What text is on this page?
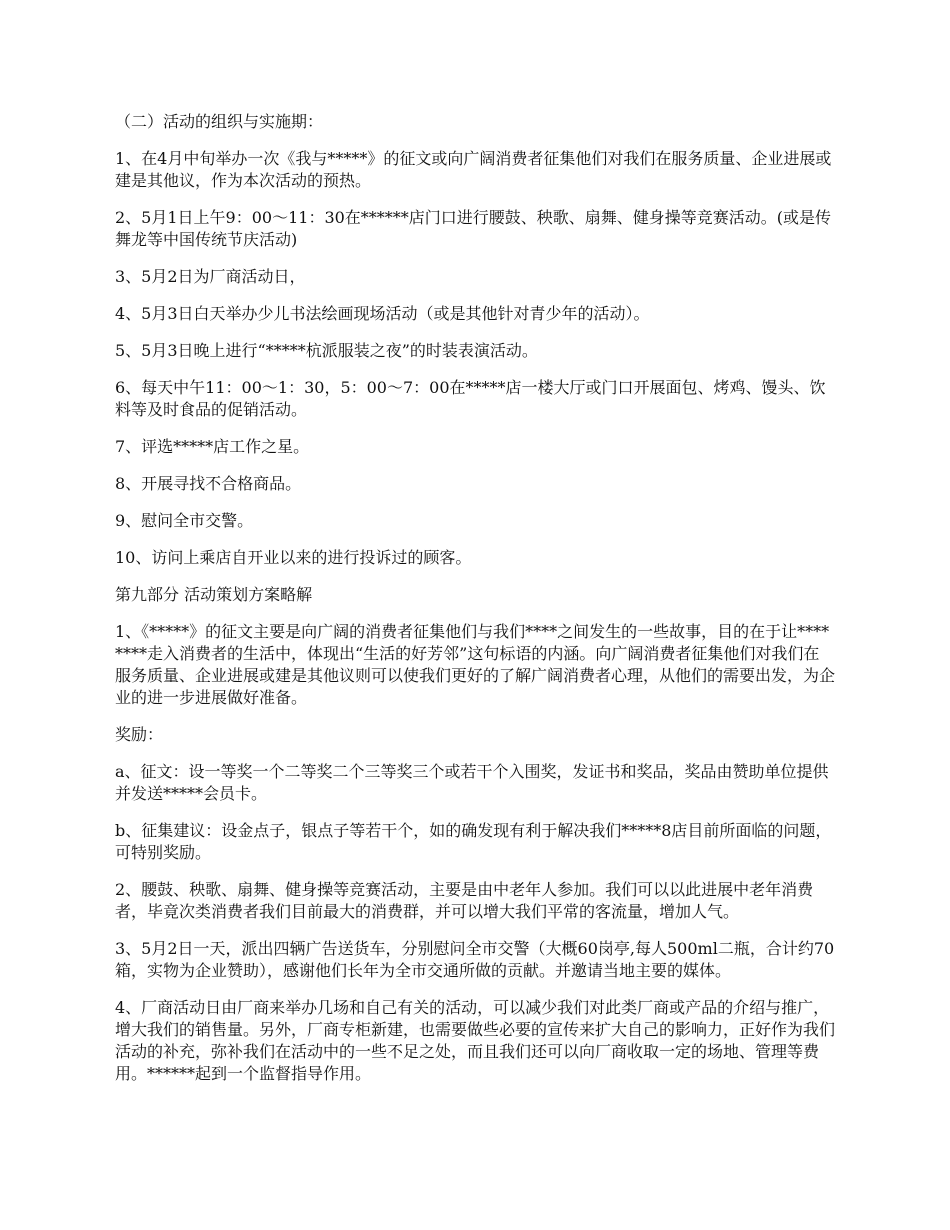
（二）活动的组织与实施期：

1、在4月中旬举办一次《我与*****》的征文或向广阔消费者征集他们对我们在服务质量、企业进展或建是其他议，作为本次活动的预热。

2、5月1日上午9：00～11：30在******店门口进行腰鼓、秧歌、扇舞、健身操等竞赛活动。(或是传舞龙等中国传统节庆活动)

3、5月2日为厂商活动日，

4、5月3日白天举办少儿书法绘画现场活动（或是其他针对青少年的活动）。

5、5月3日晚上进行“*****杭派服装之夜”的时装表演活动。

6、每天中午11：00～1：30，5：00～7：00在*****店一楼大厅或门口开展面包、烤鸡、馒头、饮料等及时食品的促销活动。

7、评选*****店工作之星。

8、开展寻找不合格商品。

9、慰问全市交警。

10、访问上乘店自开业以来的进行投诉过的顾客。

第九部分 活动策划方案略解

1、《*****》的征文主要是向广阔的消费者征集他们与我们****之间发生的一些故事，目的在于让********走入消费者的生活中，体现出“生活的好芳邻”这句标语的内涵。向广阔消费者征集他们对我们在服务质量、企业进展或建是其他议则可以使我们更好的了解广阔消费者心理，从他们的需要出发，为企业的进一步进展做好准备。

奖励：

a、征文：设一等奖一个二等奖二个三等奖三个或若干个入围奖，发证书和奖品，奖品由赞助单位提供并发送*****会员卡。

b、征集建议：设金点子，银点子等若干个，如的确发现有利于解决我们*****8店目前所面临的问题，可特别奖励。

2、腰鼓、秧歌、扇舞、健身操等竞赛活动，主要是由中老年人参加。我们可以以此进展中老年消费者，毕竟次类消费者我们目前最大的消费群，并可以增大我们平常的客流量，增加人气。

3、5月2日一天，派出四辆广告送货车，分别慰问全市交警（大概60岗亭,每人500ml二瓶，合计约70箱，实物为企业赞助），感谢他们长年为全市交通所做的贡献。并邀请当地主要的媒体。

4、厂商活动日由厂商来举办几场和自己有关的活动，可以减少我们对此类厂商或产品的介绍与推广，增大我们的销售量。另外，厂商专柜新建，也需要做些必要的宣传来扩大自己的影响力，正好作为我们活动的补充，弥补我们在活动中的一些不足之处，而且我们还可以向厂商收取一定的场地、管理等费用。******起到一个监督指导作用。
